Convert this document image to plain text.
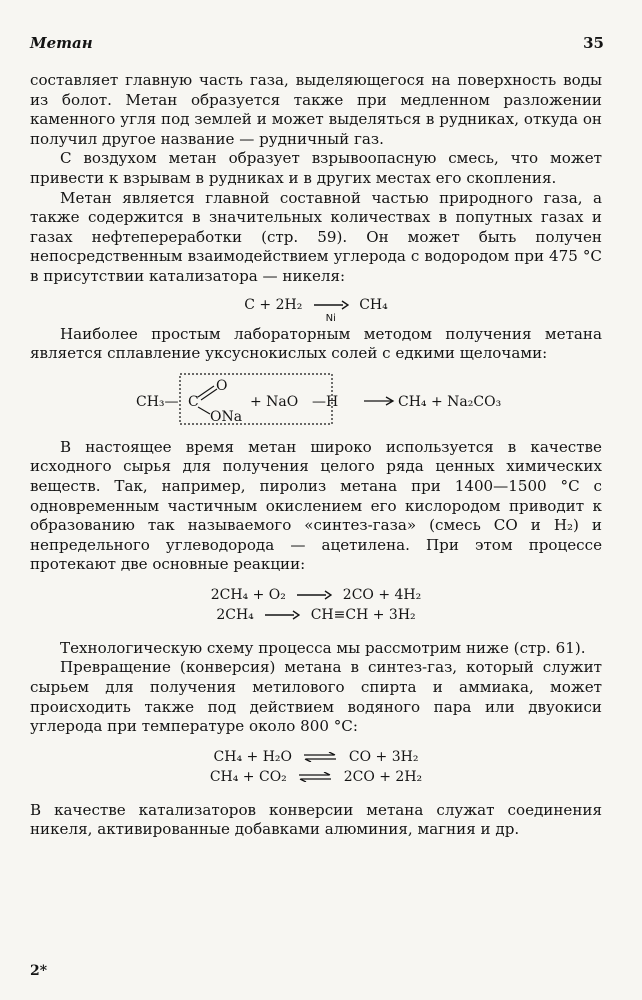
Метан	35

составляет главную часть газа, выделяющегося на поверхность воды из болот. Метан образуется также при медленном разложении каменного угля под землей и может выделяться в рудниках, откуда он получил другое название — рудничный газ.

С воздухом метан образует взрывоопасную смесь, что может привести к взрывам в рудниках и в других местах его скопления.

Метан является главной составной частью природного газа, а также содержится в значительных количествах в попутных газах и газах нефтепереработки (стр. 59). Он может быть получен непосредственным взаимодействием углерода с водородом при 475 °C в присутствии катализатора — никеля:

C + 2H₂
Ni
CH₄

Наиболее простым лабораторным методом получения метана является сплавление уксуснокислых солей с едкими щелочами:

CH₃— C
O
ONa
+ NaO —H	CH₄ + Na₂CO₃

В настоящее время метан широко используется в качестве исходного сырья для получения целого ряда ценных химических веществ. Так, например, пиролиз метана при 1400—1500 °C с одновременным частичным окислением его кислородом приводит к образованию так называемого «синтез-газа» (смесь CO и H₂) и непредельного углеводорода — ацетилена. При этом процессе протекают две основные реакции:

2CH₄ + O₂ → 2CO + 4H₂
2CH₄ → CH≡CH + 3H₂

Технологическую схему процесса мы рассмотрим ниже (стр. 61).

Превращение (конверсия) метана в синтез-газ, который служит сырьем для получения метилового спирта и аммиака, может происходить также под действием водяного пара или двуокиси углерода при температуре около 800 °C:

CH₄ + H₂O ⇌ CO + 3H₂
CH₄ + CO₂ ⇌ 2CO + 2H₂

В качестве катализаторов конверсии метана служат соединения никеля, активированные добавками алюминия, магния и др.

2*
